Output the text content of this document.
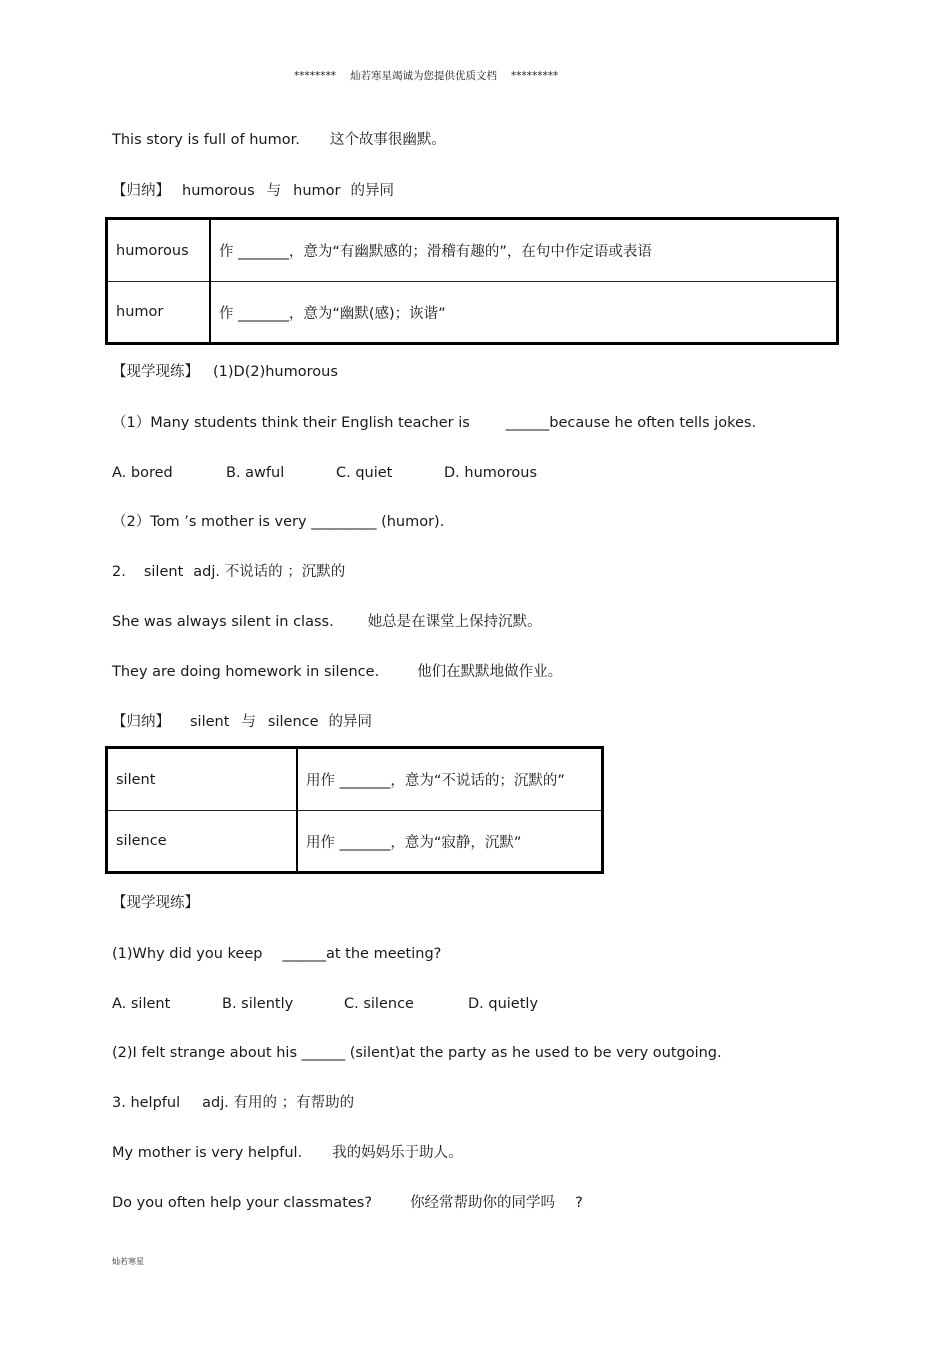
******** 灿若寒星竭诚为您提供优质文档 *********
This story is full of humor. 这个故事很幽默。
【归纳】 humorous 与 humor 的异同
humorous	作 _______，意为“有幽默感的；滑稽有趣的”，在句中作定语或表语
humor	作 _______，意为“幽默(感)；诙谐”
【现学现练】 (1)D(2)humorous
（1）Many students think their English teacher is ______because he often tells jokes.
A. bored	B. awful	C. quiet	D. humorous
（2）Tom ’s mother is very _________ (humor).
2. silent adj. 不说话的 ；沉默的
She was always silent in class. 她总是在课堂上保持沉默。
They are doing homework in silence.	他们在默默地做作业。
【归纳】 silent 与 silence 的异同
silent	用作 _______，意为“不说话的；沉默的”
silence	用作 _______，意为“寂静，沉默”
【现学现练】
(1)Why did you keep ______at the meeting?
A. silent	B. silently	C. silence	D. quietly
(2)I felt strange about his ______ (silent)at the party as he used to be very outgoing.
3. helpful adj. 有用的 ；有帮助的
My mother is very helpful. 我的妈妈乐于助人。
Do you often help your classmates?	你经常帮助你的同学吗 ?
灿若寒星
